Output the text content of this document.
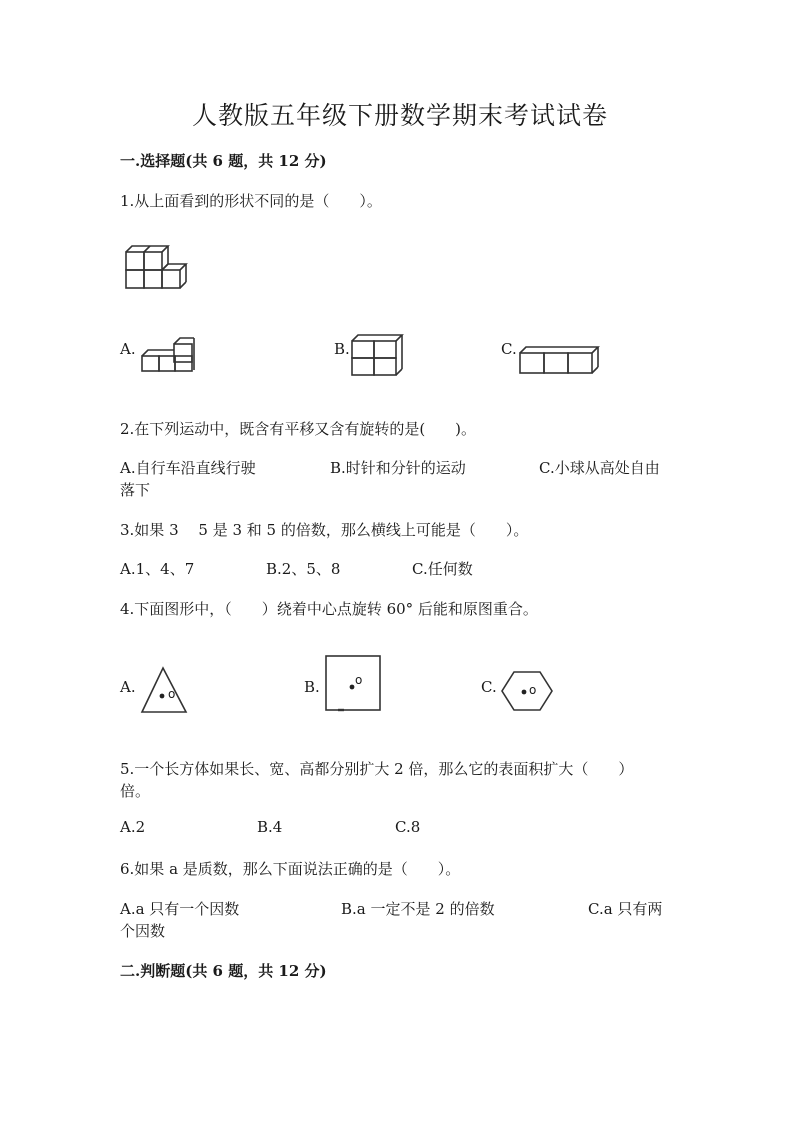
人教版五年级下册数学期末考试试卷
一.选择题(共 6 题，共 12 分)
1.从上面看到的形状不同的是（　　）。
A.	B.	C.
2.在下列运动中，既含有平移又含有旋转的是(　　)。
A.自行车沿直线行驶	B.时针和分针的运动	C.小球从高处自由
落下
3.如果 3　 5 是 3 和 5 的倍数，那么横线上可能是（　　）。
A.1、4、7	B.2、5、8	C.任何数
4.下面图形中，（　　）绕着中心点旋转 60° 后能和原图重合。
A.	o	B.	o	C.	o
5.一个长方体如果长、宽、高都分别扩大 2 倍，那么它的表面积扩大（　　）
倍。
A.2	B.4	C.8
6.如果 a 是质数，那么下面说法正确的是（　　）。
A.a 只有一个因数	B.a 一定不是 2 的倍数	C.a 只有两
个因数
二.判断题(共 6 题，共 12 分)
